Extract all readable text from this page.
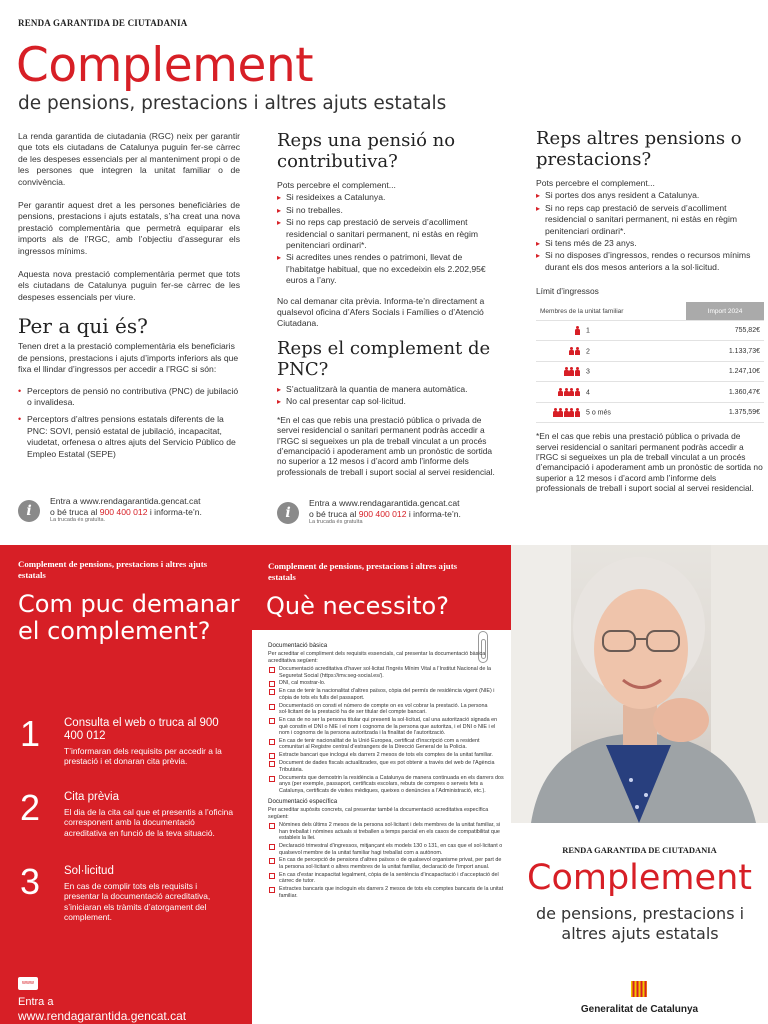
RENDA GARANTIDA DE CIUTADANIA
Complement
de pensions, prestacions i altres ajuts estatals

La renda garantida de ciutadania (RGC) neix per garantir que tots els ciutadans de Catalunya puguin fer-se càrrec de les despeses essencials per al manteniment propi o de les persones que integren la unitat familiar o de convivència.

Per garantir aquest dret a les persones beneficiàries de pensions, prestacions i ajuts estatals, s’ha creat una nova prestació complementària que permetrà equiparar els imports als de l’RGC, amb l’objectiu d’assegurar els ingressos mínims.

Aquesta nova prestació complementària permet que tots els ciutadans de Catalunya puguin fer-se càrrec de les despeses essencials per viure.

Per a qui és?

Tenen dret a la prestació complementària els beneficiaris de pensions, prestacions i ajuts d’imports inferiors als que fixa el llindar d’ingressos per accedir a l’RGC si són:

• Perceptors de pensió no contributiva (PNC) de jubilació o invalidesa.
• Perceptors d’altres pensions estatals diferents de la PNC: SOVI, pensió estatal de jubilació, incapacitat, viudetat, orfenesa o altres ajuts del Servicio Público de Empleo Estatal (SEPE)
i
Entra a www.rendagarantida.gencat.cat
o bé truca al 900 400 012 i informa-te’n.
La trucada és gratuïta.
Reps una pensió no contributiva?

Pots percebre el complement...

▸ Si resideixes a Catalunya.
▸ Si no treballes.
▸ Si no reps cap prestació de serveis d’acolliment residencial o sanitari permanent, ni estàs en règim penitenciari ordinari*.
▸ Si acredites unes rendes o patrimoni, llevat de l’habitatge habitual, que no excedeixin els 2.202,95€ euros a l’any.

No cal demanar cita prèvia. Informa-te’n directament a qualsevol oficina d’Afers Socials i Famílies o d’Atenció Ciutadana.

Reps el complement de PNC?
▸ S’actualitzarà la quantia de manera automàtica.
▸ No cal presentar cap sol·licitud.

*En el cas que rebis una prestació pública o privada de servei residencial o sanitari permanent podràs accedir a l’RGC si segueixes un pla de treball vinculat a un procés d’emancipació i apoderament amb un pronòstic de sortida no superior a 12 mesos i d’acord amb l’informe dels professionals de treball i suport social al servei residencial.

i
Entra a www.rendagarantida.gencat.cat
o bé truca al 900 400 012 i informa-te’n.
La trucada és gratuïta
Reps altres pensions o prestacions?

Pots percebre el complement...

▸ Si portes dos anys resident a Catalunya.
▸ Si no reps cap prestació de serveis d’acolliment residencial o sanitari permanent, ni estàs en règim penitenciari ordinari*.
▸ Si tens més de 23 anys.
▸ Si no disposes d’ingressos, rendes o recursos mínims durant els dos mesos anteriors a la sol·licitud.
Límit d’ingressos
Membres de la unitat familiar	Import 2024
1	755,82€
2	1.133,73€
3	1.247,10€
4	1.360,47€
5 o més	1.375,59€

*En el cas que rebis una prestació pública o privada de servei residencial o sanitari permanent podràs accedir a l’RGC si segueixes un pla de treball vinculat a un procés d’emancipació i apoderament amb un pronòstic de sortida no superior a 12 mesos i d’acord amb l’informe dels professionals de treball i suport social al servei residencial.

Complement de pensions, prestacions i altres ajuts estatals
Com puc demanar el complement?
1 Consulta el web o truca al 900 400 012
T’informaran dels requisits per accedir a la prestació i et donaran cita prèvia.
2 Cita prèvia
El dia de la cita cal que et presentis a l’oficina corresponent amb la documentació acreditativa en funció de la teva situació.
3 Sol·licitud
En cas de complir tots els requisits i presentar la documentació acreditativa, s’iniciaran els tràmits d’atorgament del complement.
www
Entra a
www.rendagarantida.gencat.cat
Complement de pensions, prestacions i altres ajuts estatals
Què necessito?
Documentació bàsica
Per acreditar el compliment dels requisits essencials, cal presentar la documentació bàsica acreditativa següent:
Documentació acreditativa d’haver sol·licitat l’Ingrés Mínim Vital a l’Institut Nacional de la Seguretat Social (https://imv.seg-social.es/).
DNI, cal mostrar-lo.
En cas de tenir la nacionalitat d’altres països, còpia del permís de residència vigent (NIE) i còpia de tots els fulls del passaport.
Documentació on consti el número de compte on es vol cobrar la prestació. La persona sol·licitant de la prestació ha de ser titular del compte bancari.
En cas de no ser la persona titular qui presenti la sol·licitud, cal una autorització signada en què constin el DNI o NIE i el nom i cognoms de la persona que autoritza, i el DNI o NIE i el nom i cognoms de la persona autoritzada i la finalitat de l’autorització.
En cas de tenir nacionalitat de la Unió Europea, certificat d’inscripció com a resident comunitari al Registre central d’estrangers de la Direcció General de la Policia.
Extracte bancari que inclogui els darrers 2 mesos de tots els comptes de la unitat familiar.
Document de dades fiscals actualitzades, que es pot obtenir a través del web de l’Agència Tributària.
Documents que demostrin la residència a Catalunya de manera continuada en els darrers dos anys (per exemple, passaport, certificats escolars, rebuts de compres o serveis fets a Catalunya, certificats de visites mèdiques, queixes o denúncies a l’Administració, etc.).
Documentació específica
Per acreditar supòsits concrets, cal presentar també la documentació acreditativa específica següent:
Nòmines dels últims 2 mesos de la persona sol·licitant i dels membres de la unitat familiar, si han treballat i nòmines actuals si treballen a temps parcial en els casos de compatibilitat que estableix la llei.
Declaració trimestral d’ingressos, mitjançant els models 130 o 131, en cas que el sol·licitant o qualsevol membre de la unitat familiar hagi treballat com a autònom.
En cas de percepció de pensions d’altres països o de qualsevol organisme privat, per part de la persona sol·licitant o altres membres de la unitat familiar, declaració de l’import anual.
En cas d’estar incapacitat legalment, còpia de la sentència d’incapacitació i d’acceptació del càrrec de tutor.
Extractes bancaris que incloguin els darrers 2 mesos de tots els comptes bancaris de la unitat familiar.
RENDA GARANTIDA DE CIUTADANIA
Complement
de pensions, prestacions i altres ajuts estatals
Generalitat de Catalunya
